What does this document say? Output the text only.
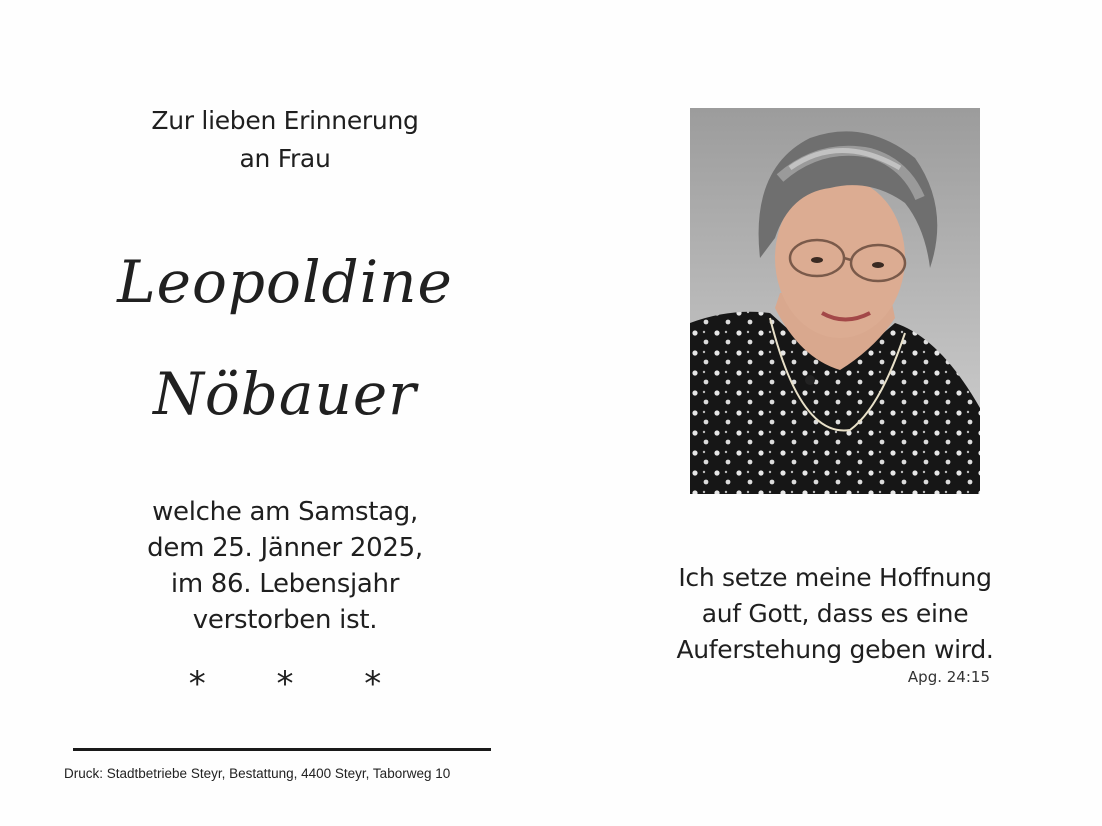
Zur lieben Erinnerung
an Frau
Leopoldine
Nöbauer
welche am Samstag,
dem 25. Jänner 2025,
im 86. Lebensjahr
verstorben ist.
* * *
Druck: Stadtbetriebe Steyr, Bestattung, 4400 Steyr, Taborweg 10
Ich setze meine Hoffnung
auf Gott, dass es eine
Auferstehung geben wird.
Apg. 24:15
